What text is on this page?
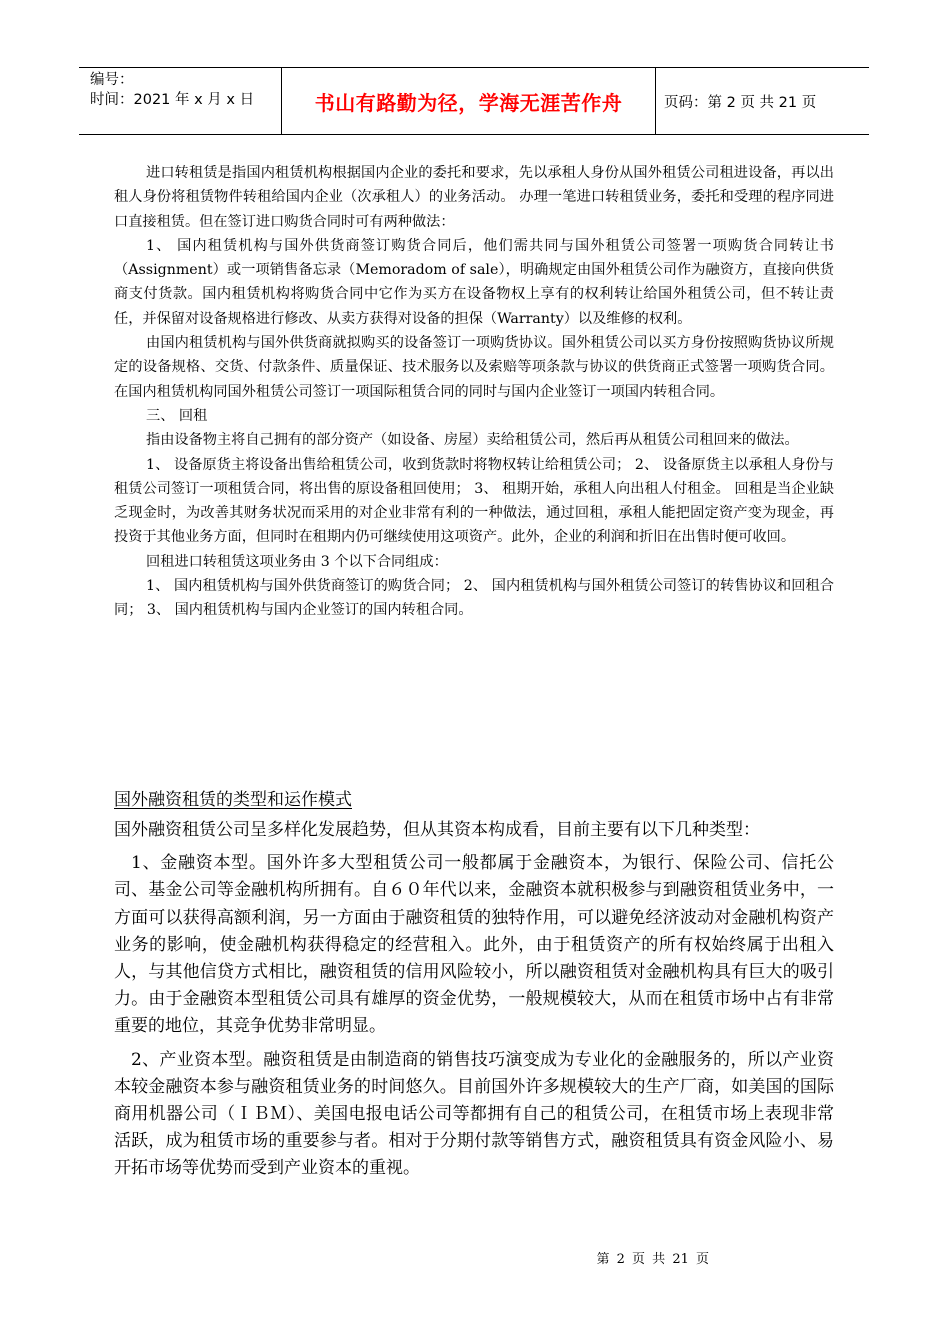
编号：
时间：2021 年 x 月 x 日	书山有路勤为径，学海无涯苦作舟	页码：第 2 页 共 21 页

进口转租赁是指国内租赁机构根据国内企业的委托和要求，先以承租人身份从国外租赁公司租进设备，再以出租人身份将租赁物件转租给国内企业（次承租人）的业务活动。 办理一笔进口转租赁业务，委托和受理的程序同进口直接租赁。但在签订进口购货合同时可有两种做法：

1、 国内租赁机构与国外供货商签订购货合同后，他们需共同与国外租赁公司签署一项购货合同转让书（Assignment）或一项销售备忘录（Memoradom of sale），明确规定由国外租赁公司作为融资方，直接向供货商支付货款。国内租赁机构将购货合同中它作为买方在设备物权上享有的权利转让给国外租赁公司，但不转让责任，并保留对设备规格进行修改、从卖方获得对设备的担保（Warranty）以及维修的权利。

由国内租赁机构与国外供货商就拟购买的设备签订一项购货协议。国外租赁公司以买方身份按照购货协议所规定的设备规格、交货、付款条件、质量保证、技术服务以及索赔等项条款与协议的供货商正式签署一项购货合同。在国内租赁机构同国外租赁公司签订一项国际租赁合同的同时与国内企业签订一项国内转租合同。

三、 回租

指由设备物主将自己拥有的部分资产（如设备、房屋）卖给租赁公司，然后再从租赁公司租回来的做法。

1、 设备原货主将设备出售给租赁公司，收到货款时将物权转让给租赁公司； 2、 设备原货主以承租人身份与租赁公司签订一项租赁合同，将出售的原设备租回使用； 3、 租期开始，承租人向出租人付租金。 回租是当企业缺乏现金时，为改善其财务状况而采用的对企业非常有利的一种做法，通过回租，承租人能把固定资产变为现金，再投资于其他业务方面，但同时在租期内仍可继续使用这项资产。此外，企业的利润和折旧在出售时便可收回。

回租进口转租赁这项业务由 3 个以下合同组成：

1、 国内租赁机构与国外供货商签订的购货合同； 2、 国内租赁机构与国外租赁公司签订的转售协议和回租合同； 3、 国内租赁机构与国内企业签订的国内转租合同。

国外融资租赁的类型和运作模式

国外融资租赁公司呈多样化发展趋势，但从其资本构成看，目前主要有以下几种类型：

1、金融资本型。国外许多大型租赁公司一般都属于金融资本，为银行、保险公司、信托公司、基金公司等金融机构所拥有。自６０年代以来，金融资本就积极参与到融资租赁业务中，一方面可以获得高额利润，另一方面由于融资租赁的独特作用，可以避免经济波动对金融机构资产业务的影响，使金融机构获得稳定的经营租入。此外，由于租赁资产的所有权始终属于出租入人，与其他信贷方式相比，融资租赁的信用风险较小，所以融资租赁对金融机构具有巨大的吸引力。由于金融资本型租赁公司具有雄厚的资金优势，一般规模较大，从而在租赁市场中占有非常重要的地位，其竞争优势非常明显。

2、产业资本型。融资租赁是由制造商的销售技巧演变成为专业化的金融服务的，所以产业资本较金融资本参与融资租赁业务的时间悠久。目前国外许多规模较大的生产厂商，如美国的国际商用机器公司（ＩＢＭ）、美国电报电话公司等都拥有自己的租赁公司，在租赁市场上表现非常活跃，成为租赁市场的重要参与者。相对于分期付款等销售方式，融资租赁具有资金风险小、易开拓市场等优势而受到产业资本的重视。

第 2 页 共 21 页
